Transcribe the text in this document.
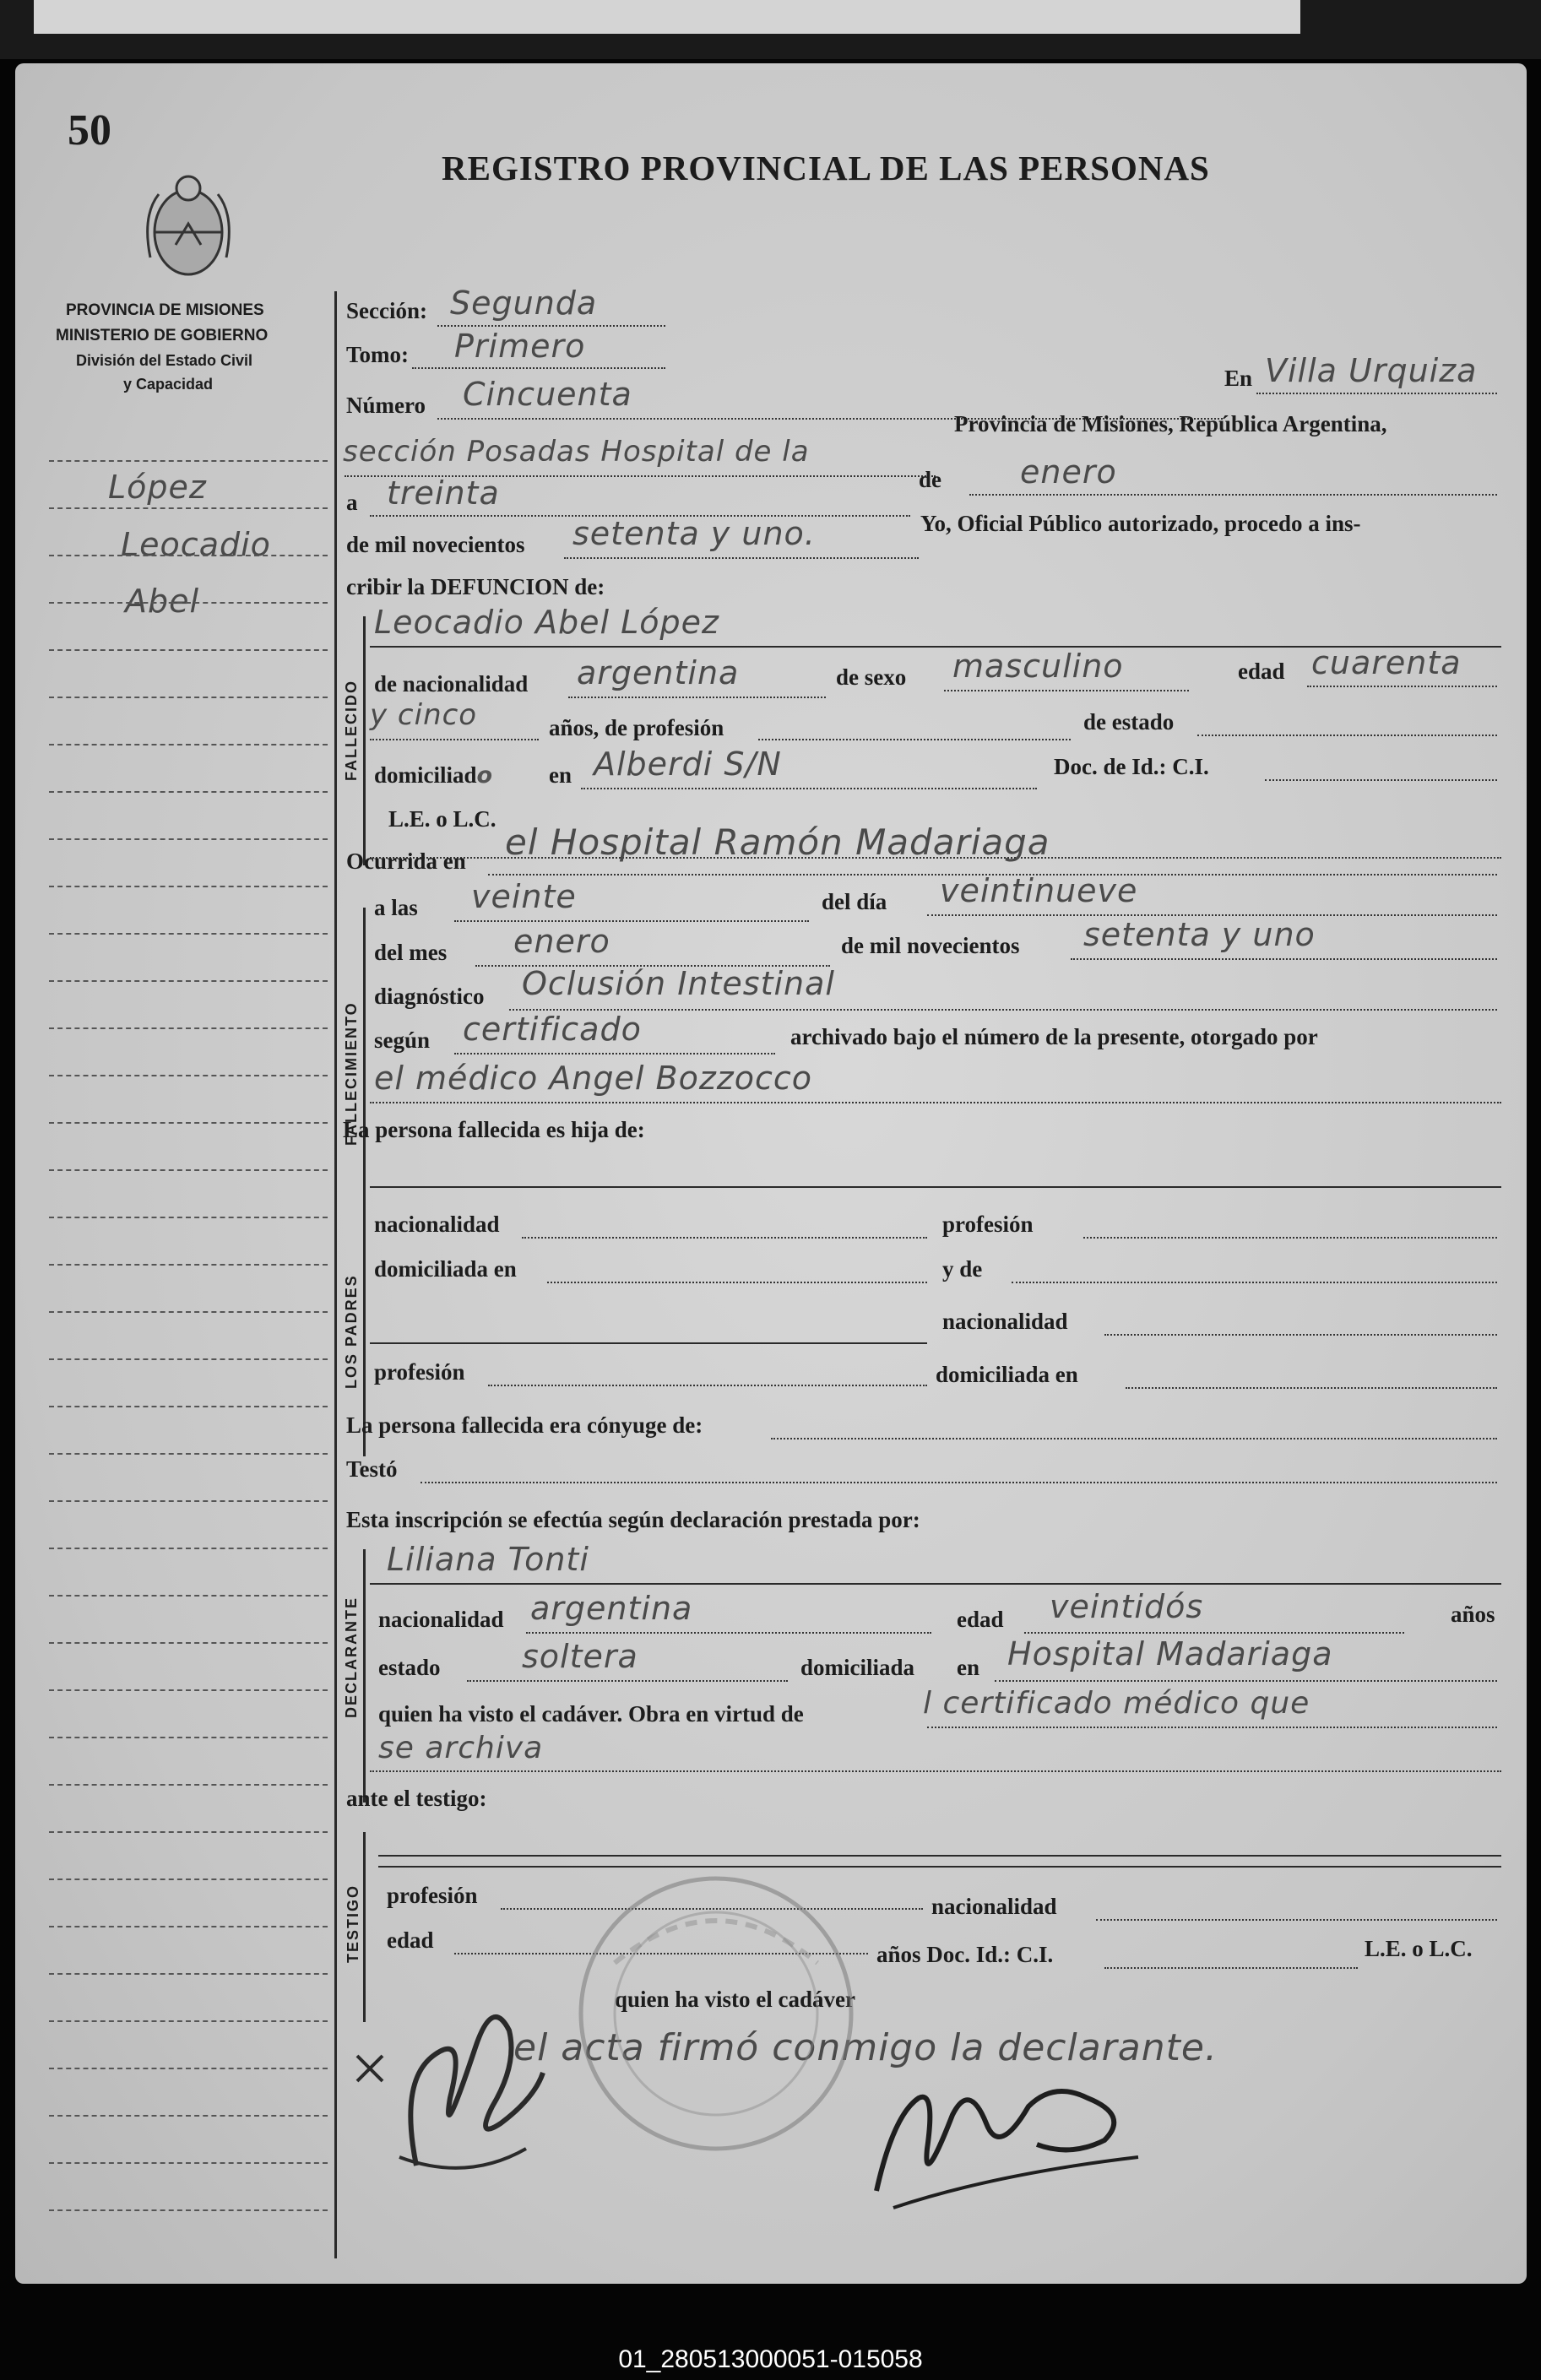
50
REGISTRO PROVINCIAL DE LAS PERSONAS
PROVINCIA DE MISIONES
MINISTERIO DE GOBIERNO
División del Estado Civil
y Capacidad
López
Leocadio
Abel
Sección: Segunda
Tomo: Primero
Número Cincuenta	En Villa Urquiza
sección Posadas Hospital de la
Provincia de Misiones, República Argentina,
a treinta	de enero
de mil novecientos setenta y uno.	Yo, Oficial Público autorizado, procedo a ins-
cribir la DEFUNCION de:
FALLECIDO
Leocadio Abel López
de nacionalidad argentina	de sexo masculino	edad cuarenta
y cinco	años, de profesión	de estado
domiciliado en Alberdi S/N	Doc. de Id.: C.I.
L.E. o L.C.
Ocurrida en el Hospital Ramón Madariaga
FALLECIMIENTO
a las veinte	del día veintinueve
del mes enero	de mil novecientos setenta y uno
diagnóstico Oclusión Intestinal
según certificado	archivado bajo el número de la presente, otorgado por
el médico Angel Bozzocco
La persona fallecida es hija de:
LOS PADRES
nacionalidad	profesión
domiciliada en	y de
nacionalidad
profesión	domiciliada en
La persona fallecida era cónyuge de:
Testó
Esta inscripción se efectúa según declaración prestada por:
DECLARANTE
Liliana Tonti
nacionalidad argentina	edad veintidós	años
estado	soltera	domiciliada en Hospital Madariaga
quien ha visto el cadáver. Obra en virtud de	l certificado médico que
se archiva
ante el testigo:
TESTIGO profesión	nacionalidad
edad
años Doc. Id.: C.I.	L.E. o L.C.
quien ha visto el cadáver
el acta firmó conmigo la declarante.
01_280513000051-015058
